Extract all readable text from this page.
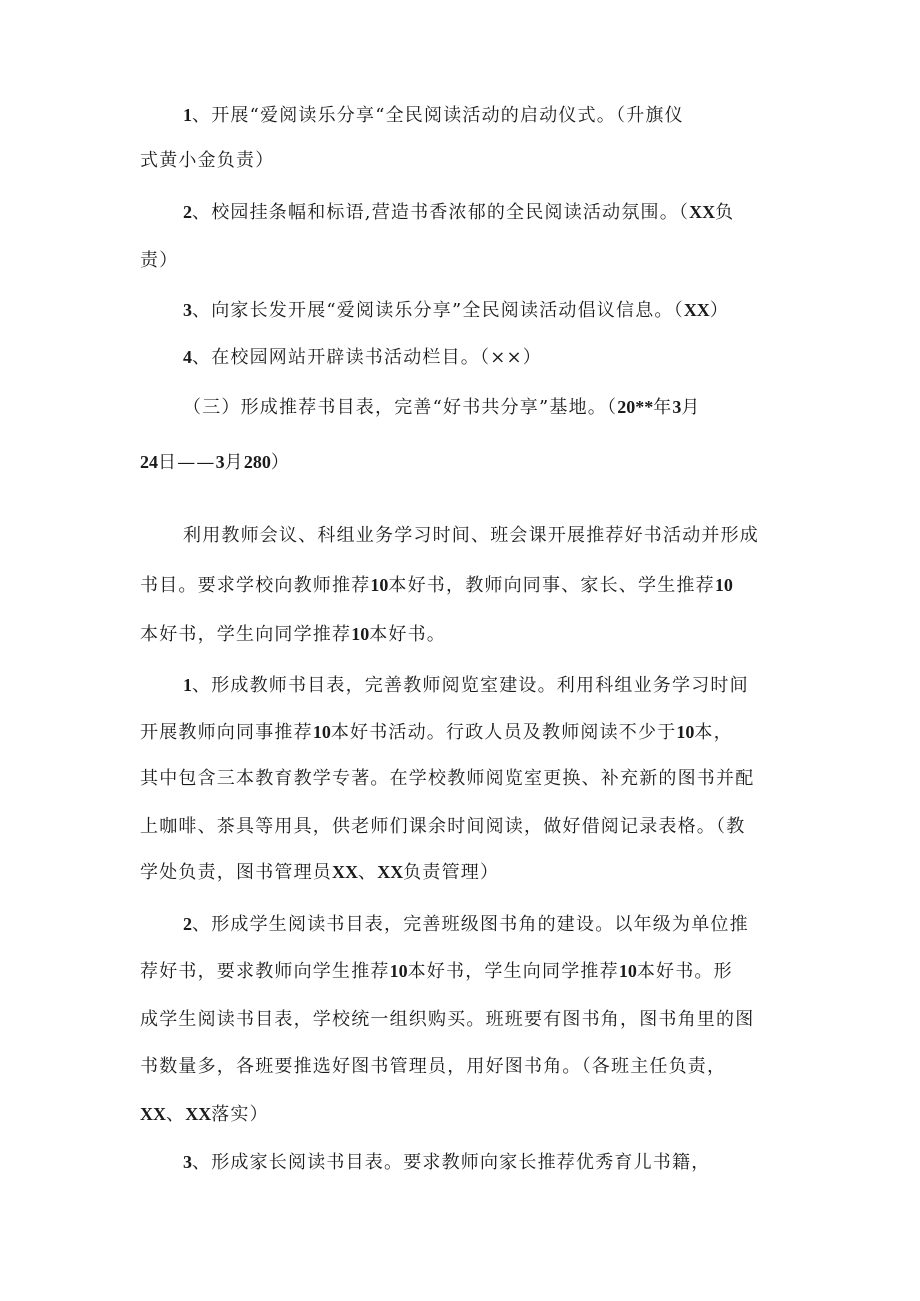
1、开展“爱阅读乐分享“全民阅读活动的启动仪式。（升旗仪
式黄小金负责）
2、校园挂条幅和标语,营造书香浓郁的全民阅读活动氛围。（XX负
责）
3、向家长发开展“爱阅读乐分享”全民阅读活动倡议信息。（XX）
4、在校园网站开辟读书活动栏目。（××）
（三）形成推荐书目表，完善“好书共分享”基地。（20**年3月
24日——3月280）
利用教师会议、科组业务学习时间、班会课开展推荐好书活动并形成
书目。要求学校向教师推荐10本好书，教师向同事、家长、学生推荐10
本好书，学生向同学推荐10本好书。
1、形成教师书目表，完善教师阅览室建设。利用科组业务学习时间
开展教师向同事推荐10本好书活动。行政人员及教师阅读不少于10本，
其中包含三本教育教学专著。在学校教师阅览室更换、补充新的图书并配
上咖啡、茶具等用具，供老师们课余时间阅读，做好借阅记录表格。（教
学处负责，图书管理员XX、XX负责管理）
2、形成学生阅读书目表，完善班级图书角的建设。以年级为单位推
荐好书，要求教师向学生推荐10本好书，学生向同学推荐10本好书。形
成学生阅读书目表，学校统一组织购买。班班要有图书角，图书角里的图
书数量多，各班要推选好图书管理员，用好图书角。（各班主任负责，
XX、XX落实）
3、形成家长阅读书目表。要求教师向家长推荐优秀育儿书籍，
